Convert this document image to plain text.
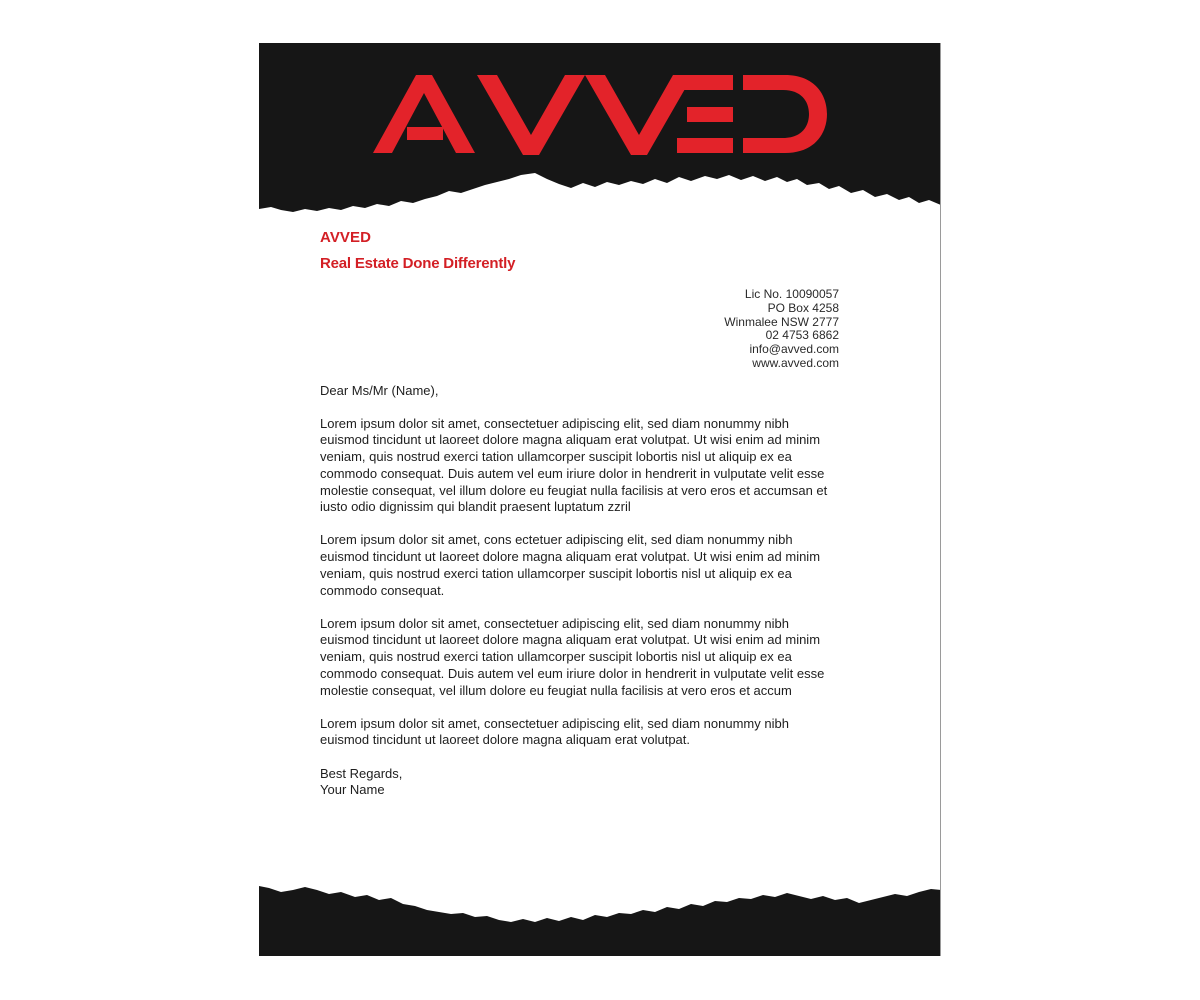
AVVED
Real Estate Done Differently
Lic No. 10090057
PO Box 4258
Winmalee NSW 2777
02 4753 6862
info@avved.com
www.avved.com

Dear Ms/Mr (Name),

Lorem ipsum dolor sit amet, consectetuer adipiscing elit, sed diam nonummy nibh euismod tincidunt ut laoreet dolore magna aliquam erat volutpat. Ut wisi enim ad minim veniam, quis nostrud exerci tation ullamcorper suscipit lobortis nisl ut aliquip ex ea commodo consequat. Duis autem vel eum iriure dolor in hendrerit in vulputate velit esse molestie consequat, vel illum dolore eu feugiat nulla facilisis at vero eros et accumsan et iusto odio dignissim qui blandit praesent luptatum zzril

Lorem ipsum dolor sit amet, cons ectetuer adipiscing elit, sed diam nonummy nibh euismod tincidunt ut laoreet dolore magna aliquam erat volutpat. Ut wisi enim ad minim veniam, quis nostrud exerci tation ullamcorper suscipit lobortis nisl ut aliquip ex ea commodo consequat.

Lorem ipsum dolor sit amet, consectetuer adipiscing elit, sed diam nonummy nibh euismod tincidunt ut laoreet dolore magna aliquam erat volutpat. Ut wisi enim ad minim veniam, quis nostrud exerci tation ullamcorper suscipit lobortis nisl ut aliquip ex ea commodo consequat. Duis autem vel eum iriure dolor in hendrerit in vulputate velit esse molestie consequat, vel illum dolore eu feugiat nulla facilisis at vero eros et accum

Lorem ipsum dolor sit amet, consectetuer adipiscing elit, sed diam nonummy nibh euismod tincidunt ut laoreet dolore magna aliquam erat volutpat.

Best Regards,

Your Name
